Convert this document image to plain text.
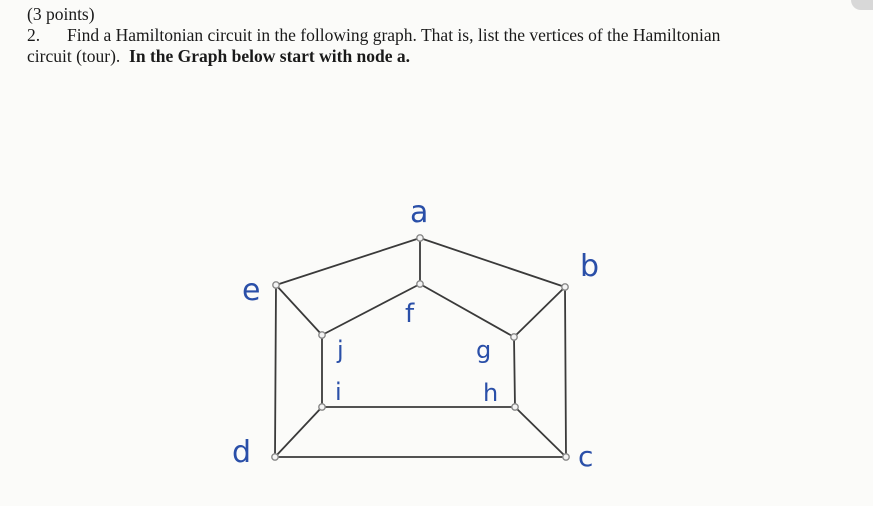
(3 points)
2. Find a Hamiltonian circuit in the following graph. That is, list the vertices of the Hamiltonian
circuit (tour). In the Graph below start with node a.
a
b
c
d
e
f
g
h
i
j
